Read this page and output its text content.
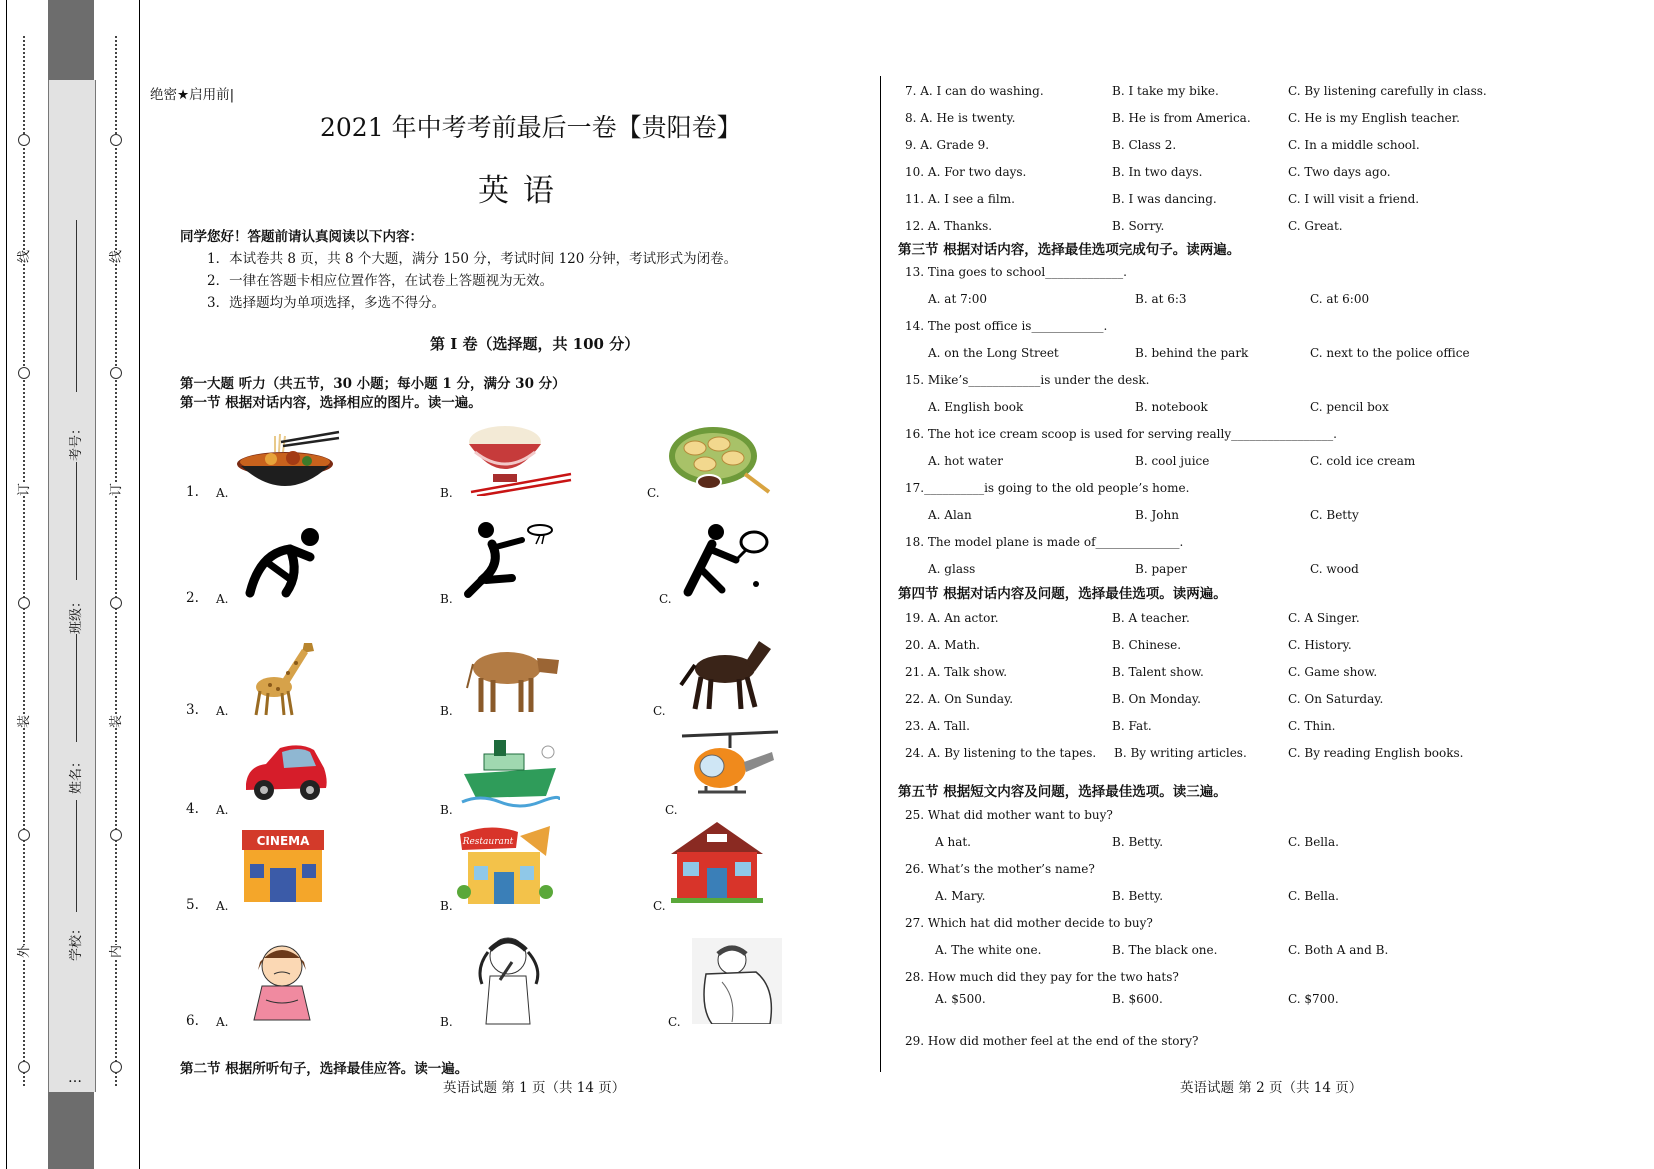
线
订
装
外
线
订
装
内
考号：
班级：
姓名：
学校：
…
绝密★启用前|
2021 年中考考前最后一卷【贵阳卷】
英 语
同学您好！答题前请认真阅读以下内容：
1．本试卷共 8 页，共 8 个大题，满分 150 分，考试时间 120 分钟，考试形式为闭卷。
2．一律在答题卡相应位置作答，在试卷上答题视为无效。
3．选择题均为单项选择，多选不得分。
第 I 卷（选择题，共 100 分）
第一大题 听力（共五节，30 小题；每小题 1 分，满分 30 分）
第一节 根据对话内容，选择相应的图片。读一遍。
1. A.	B.	C.
2. A.	B.	C.
3. A.	B.	C.
4. A.	B.	C.
5. A.	B.	C.
6. A.	B.	C.
CINEMA	Restaurant
第二节 根据所听句子，选择最佳应答。读一遍。
英语试题 第 1 页（共 14 页）
7. A. I can do washing.	B. I take my bike.	C. By listening carefully in class.
8. A. He is twenty.	B. He is from America.	C. He is my English teacher.
9. A. Grade 9.	B. Class 2.	C. In a middle school.
10. A. For two days.	B. In two days.	C. Two days ago.
11. A. I see a film.	B. I was dancing.	C. I will visit a friend.
12. A. Thanks.	B. Sorry.	C. Great.
第三节 根据对话内容，选择最佳选项完成句子。读两遍。
13. Tina goes to school_____________.
A. at 7:00	B. at 6:3	C. at 6:00
14. The post office is____________.
A. on the Long Street	B. behind the park	C. next to the police office
15. Mike’s____________is under the desk.
A. English book	B. notebook	C. pencil box
16. The hot ice cream scoop is used for serving really_________________.
A. hot water	B. cool juice	C. cold ice cream
17.__________is going to the old people’s home.
A. Alan	B. John	C. Betty
18. The model plane is made of______________.
A. glass	B. paper	C. wood
第四节 根据对话内容及问题，选择最佳选项。读两遍。
19. A. An actor.	B. A teacher.	C. A Singer.
20. A. Math.	B. Chinese.	C. History.
21. A. Talk show.	B. Talent show.	C. Game show.
22. A. On Sunday.	B. On Monday.	C. On Saturday.
23. A. Tall.	B. Fat.	C. Thin.
24. A. By listening to the tapes. B. By writing articles.	C. By reading English books.
第五节 根据短文内容及问题，选择最佳选项。读三遍。
25. What did mother want to buy?
A hat.	B. Betty.	C. Bella.
26. What’s the mother’s name?
A. Mary.	B. Betty.	C. Bella.
27. Which hat did mother decide to buy?
A. The white one.	B. The black one.	C. Both A and B.
28. How much did they pay for the two hats?
A. $500.	B. $600.	C. $700.
29. How did mother feel at the end of the story?
英语试题 第 2 页（共 14 页）
